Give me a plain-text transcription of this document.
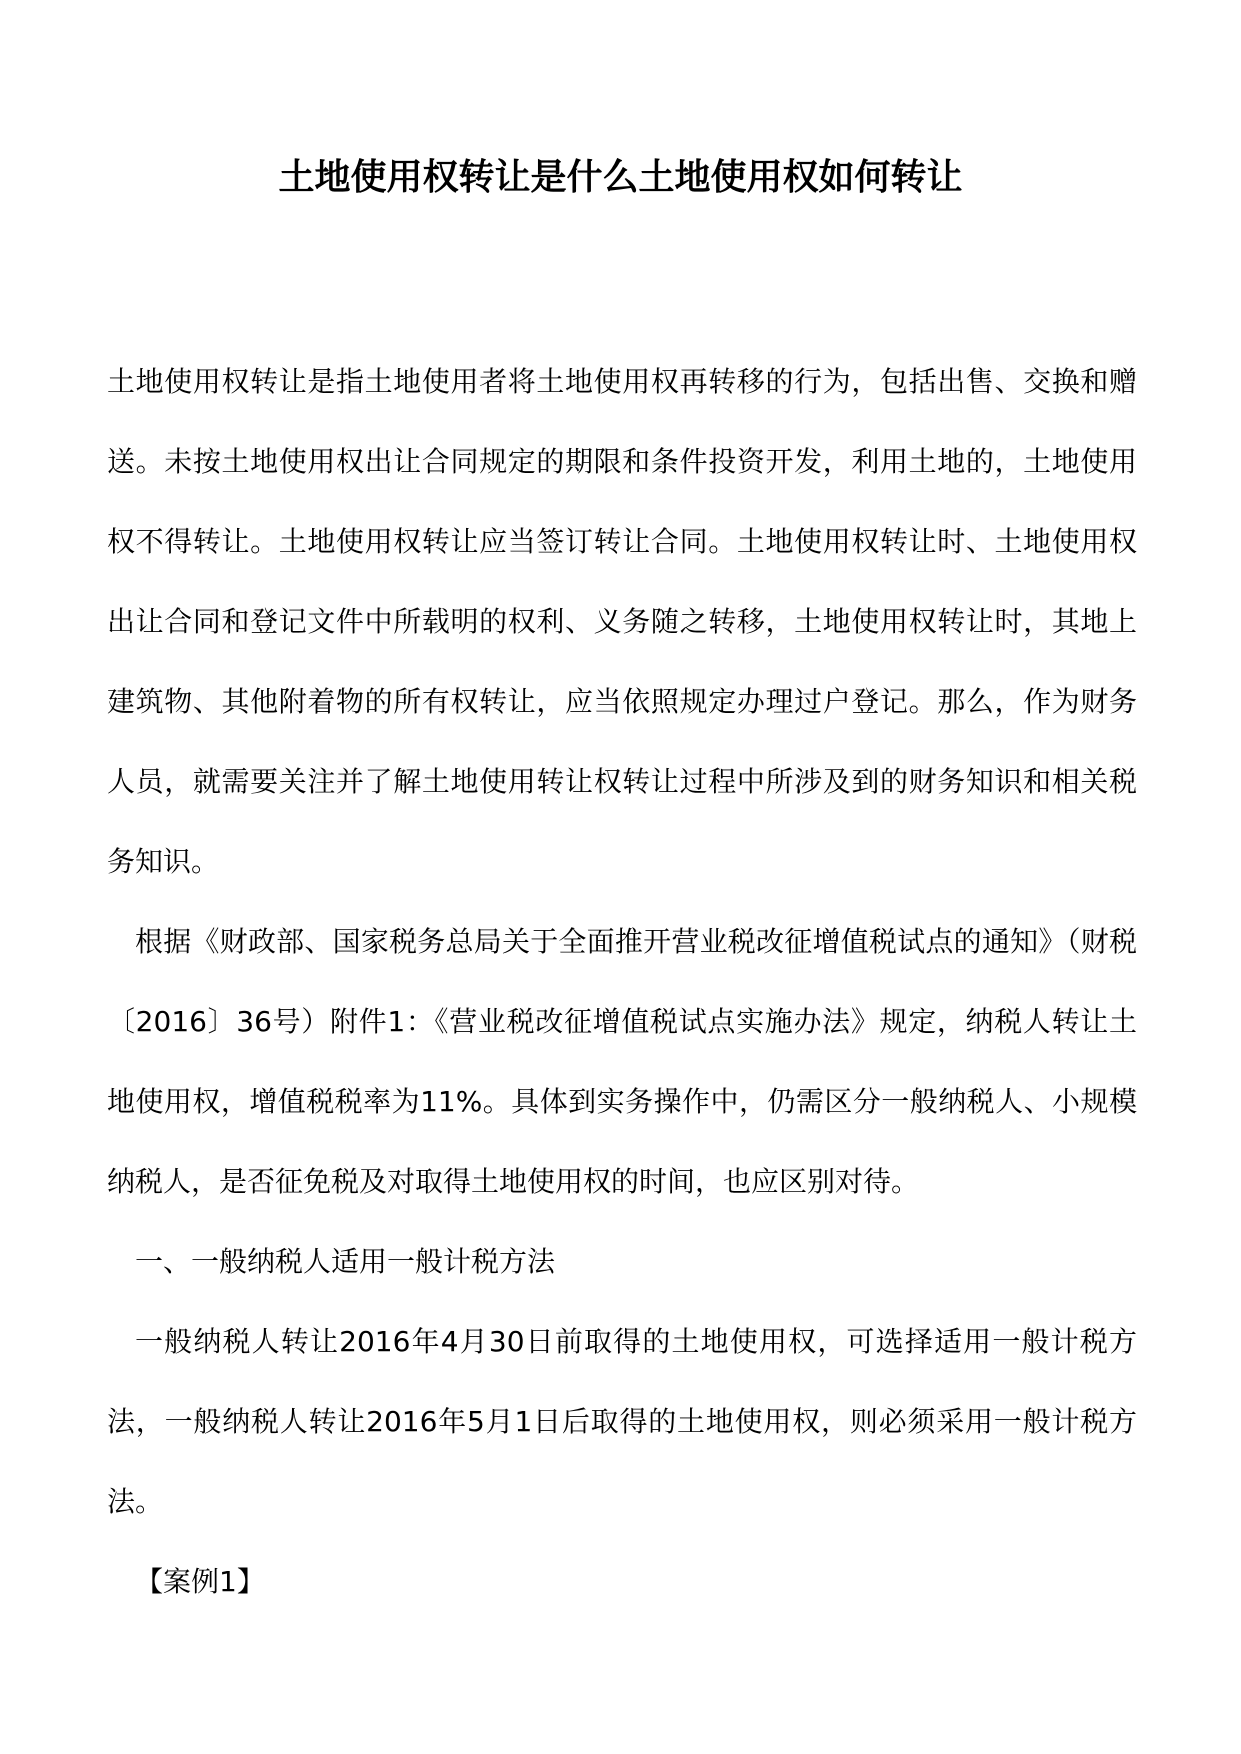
土地使用权转让是什么土地使用权如何转让

土地使用权转让是指土地使用者将土地使用权再转移的行为，包括出售、交换和赠送。未按土地使用权出让合同规定的期限和条件投资开发，利用土地的，土地使用权不得转让。土地使用权转让应当签订转让合同。土地使用权转让时、土地使用权出让合同和登记文件中所载明的权利、义务随之转移，土地使用权转让时，其地上建筑物、其他附着物的所有权转让，应当依照规定办理过户登记。那么，作为财务人员，就需要关注并了解土地使用转让权转让过程中所涉及到的财务知识和相关税务知识。

根据《财政部、国家税务总局关于全面推开营业税改征增值税试点的通知》（财税〔2016〕36号）附件1：《营业税改征增值税试点实施办法》规定，纳税人转让土地使用权，增值税税率为11%。具体到实务操作中，仍需区分一般纳税人、小规模纳税人，是否征免税及对取得土地使用权的时间，也应区别对待。

一、一般纳税人适用一般计税方法

一般纳税人转让2016年4月30日前取得的土地使用权，可选择适用一般计税方法，一般纳税人转让2016年5月1日后取得的土地使用权，则必须采用一般计税方法。

【案例1】
